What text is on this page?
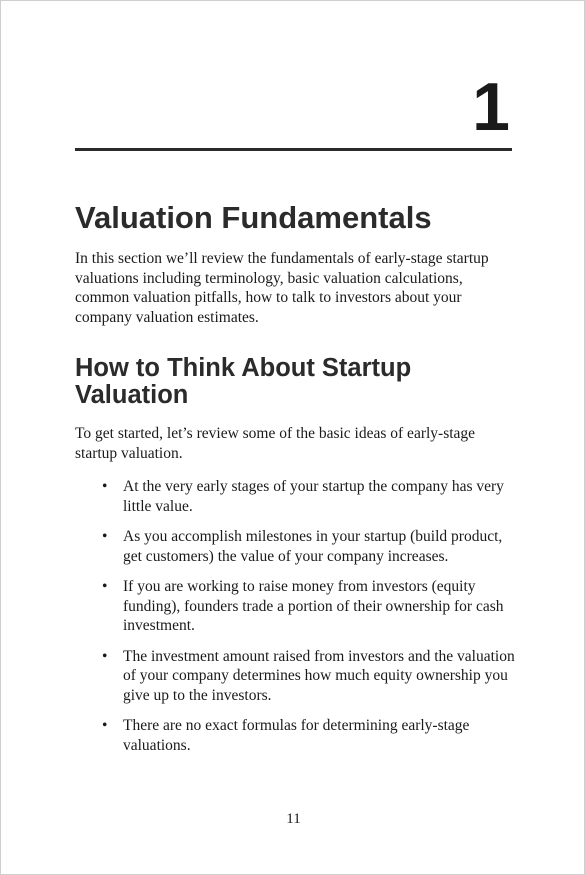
1
Valuation Fundamentals

In this section we’ll review the fundamentals of early-stage startup valuations including terminology, basic valuation calculations, common valuation pitfalls, how to talk to investors about your company valuation estimates.

How to Think About Startup Valuation

To get started, let’s review some of the basic ideas of early-stage startup valuation.

• At the very early stages of your startup the company has very little value.
• As you accomplish milestones in your startup (build product, get customers) the value of your company increases.
• If you are working to raise money from investors (equity funding), founders trade a portion of their ownership for cash investment.
• The investment amount raised from investors and the valuation of your company determines how much equity ownership you give up to the investors.
• There are no exact formulas for determining early-stage valuations.
11
